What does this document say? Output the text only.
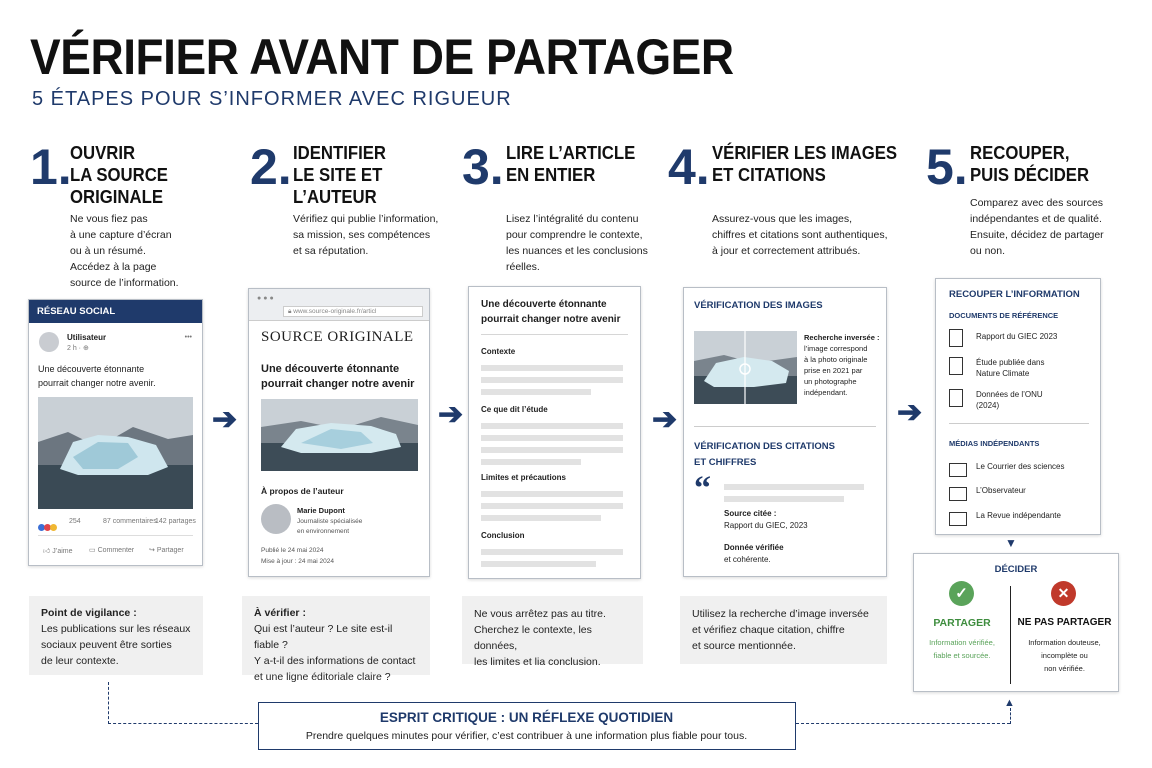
VÉRIFIER AVANT DE PARTAGER
5 ÉTAPES POUR S’INFORMER AVEC RIGUEUR
1.
OUVRIR
LA SOURCE
ORIGINALE
Ne vous fiez pas
à une capture d’écran
ou à un résumé.
Accédez à la page
source de l’information.
2. IDENTIFIER
LE SITE ET
L’AUTEUR
Vérifiez qui publie l’information,
sa mission, ses compétences
et sa réputation.
3. LIRE L’ARTICLE
EN ENTIER
Lisez l’intégralité du contenu
pour comprendre le contexte,
les nuances et les conclusions
réelles.
4. VÉRIFIER LES IMAGES
ET CITATIONS
Assurez-vous que les images,
chiffres et citations sont authentiques,
à jour et correctement attribués.
5. RECOUPER,
PUIS DÉCIDER
Comparez avec des sources
indépendantes et de qualité.
Ensuite, décidez de partager
ou non.
➔	➔	➔	➔
RÉSEAU SOCIAL
Utilisateur
2 h · ⊕
•••
Une découverte étonnante
pourrait changer notre avenir.
254	87 commentaires
142 partages
👍︎ J’aime ▭ Commenter ↪ Partager
●●●
🔒︎ www.source-originale.fr/articl
SOURCE ORIGINALE
Une découverte étonnante
pourrait changer notre avenir
À propos de l’auteur
Marie Dupont
Journaliste spécialisée
en environnement
Publié le 24 mai 2024
Mise à jour : 24 mai 2024
Une découverte étonnante
pourrait changer notre avenir
Contexte
Ce que dit l’étude
Limites et précautions
Conclusion
VÉRIFICATION DES IMAGES
Recherche inversée :
l’image correspond
à la photo originale
prise en 2021 par
un photographe
indépendant.
VÉRIFICATION DES CITATIONS
ET CHIFFRES
“
Source citée :
Rapport du GIEC, 2023
Donnée vérifiée
et cohérente.
RECOUPER L’INFORMATION
DOCUMENTS DE RÉFÉRENCE
Rapport du GIEC 2023
Étude publiée dans
Nature Climate
Données de l’ONU
(2024)
MÉDIAS INDÉPENDANTS
Le Courrier des sciences
L’Observateur
La Revue indépendante
▼
DÉCIDER
✓
PARTAGER
Information vérifiée,
fiable et sourcée.
✕
NE PAS PARTAGER
Information douteuse,
incomplète ou
non vérifiée.
Point de vigilance :
Les publications sur les réseaux
sociaux peuvent être sorties
de leur contexte.
À vérifier :
Qui est l’auteur ? Le site est-il fiable ?
Y a-t-il des informations de contact
et une ligne éditoriale claire ?
Ne vous arrêtez pas au titre.
Cherchez le contexte, les données,
les limites et lia conclusion.
Utilisez la recherche d’image inversée
et vérifiez chaque citation, chiffre
et source mentionnée.
▲
ESPRIT CRITIQUE : UN RÉFLEXE QUOTIDIEN
Prendre quelques minutes pour vérifier, c’est contribuer à une information plus fiable pour tous.
